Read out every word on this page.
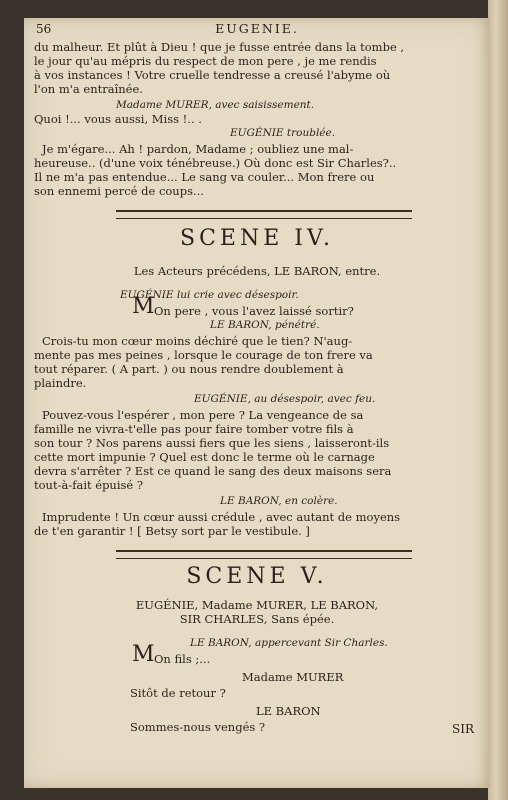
56	EUGENIE.
du malheur. Et plût à Dieu ! que je fusse entrée dans la tombe ,
le jour qu'au mépris du respect de mon pere , je me rendis
à vos instances ! Votre cruelle tendresse a creusé l'abyme où
l'on m'a entraînée.
Madame MURER, avec saisissement.
Quoi !... vous aussi, Miss !.. .
EUGÉNIE troublée.
Je m'égare... Ah ! pardon, Madame ; oubliez une mal-
heureuse.. (d'une voix ténébreuse.) Où donc est Sir Charles?..
Il ne m'a pas entendue... Le sang va couler... Mon frere ou
son ennemi percé de coups...
SCENE IV.
Les Acteurs précédens, LE BARON, entre.
EUGÉNIE lui crie avec désespoir.
M On pere , vous l'avez laissé sortir?
LE BARON, pénétré.
Crois-tu mon cœur moins déchiré que le tien? N'aug-
mente pas mes peines , lorsque le courage de ton frere va
tout réparer. ( A part. ) ou nous rendre doublement à
plaindre.
EUGÉNIE, au désespoir, avec feu.
Pouvez-vous l'espérer , mon pere ? La vengeance de sa
famille ne vivra-t'elle pas pour faire tomber votre fils à
son tour ? Nos parens aussi fiers que les siens , laisseront-ils
cette mort impunie ? Quel est donc le terme où le carnage
devra s'arrêter ? Est ce quand le sang des deux maisons sera
tout-à-fait épuisé ?
LE BARON, en colère.
Imprudente ! Un cœur aussi crédule , avec autant de moyens
de t'en garantir ! [ Betsy sort par le vestibule. ]
SCENE V.
EUGÉNIE, Madame MURER, LE BARON,
SIR CHARLES, Sans épée.
LE BARON, appercevant Sir Charles.
M On fils ;...
Madame MURER
Sitôt de retour ?
LE BARON
Sommes-nous vengés ?	SIR
